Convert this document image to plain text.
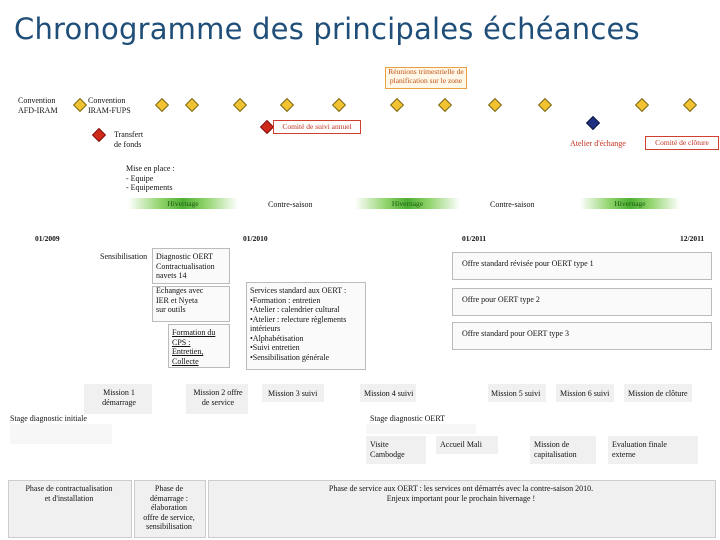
Chronogramme des principales échéances
Réunions trimestrielle de planification sur le zone
Convention
AFD-IRAM
Convention
IRAM-FUPS
Comité de suivi annuel
Transfert
de fonds	Atelier d'échange	Comité de clôture
Mise en place :
- Equipe
- Equipements
Hivernage	Contre-saison	Hivernage	Contre-saison	Hivernage
01/2009	01/2010	01/2011	12/2011
Sensibilisation Diagnostic OERT
Contractualisation
navets 14
Echanges avec
IER et Nyeta
sur outils
Formation du
CPS :
Entretien,
Collecte
Offre standard révisée pour OERT type 1
Services standard aux OERT :
•Formation : entretien
•Atelier : calendrier cultural
•Atelier : relecture règlements
intérieurs
•Alphabétisation
•Suivi entretien
•Sensibilisation générale
Offre pour OERT type 2
Offre standard pour OERT type 3
Mission 1
démarrage
Mission 2 offre
de service
Mission 3 suivi	Mission 4 suivi	Mission 5 suivi Mission 6 suivi Mission de clôture
Stage diagnostic initiale	Stage diagnostic OERT
Visite
Cambodge
Accueil Mali	Mission de
capitalisation
Evaluation finale
externe
Phase de contractualisation
et d'installation
Phase de
démarrage :
élaboration
offre de service,
sensibilisation
Phase de service aux OERT : les services ont démarrés avec la contre-saison 2010.
Enjeux important pour le prochain hivernage !
